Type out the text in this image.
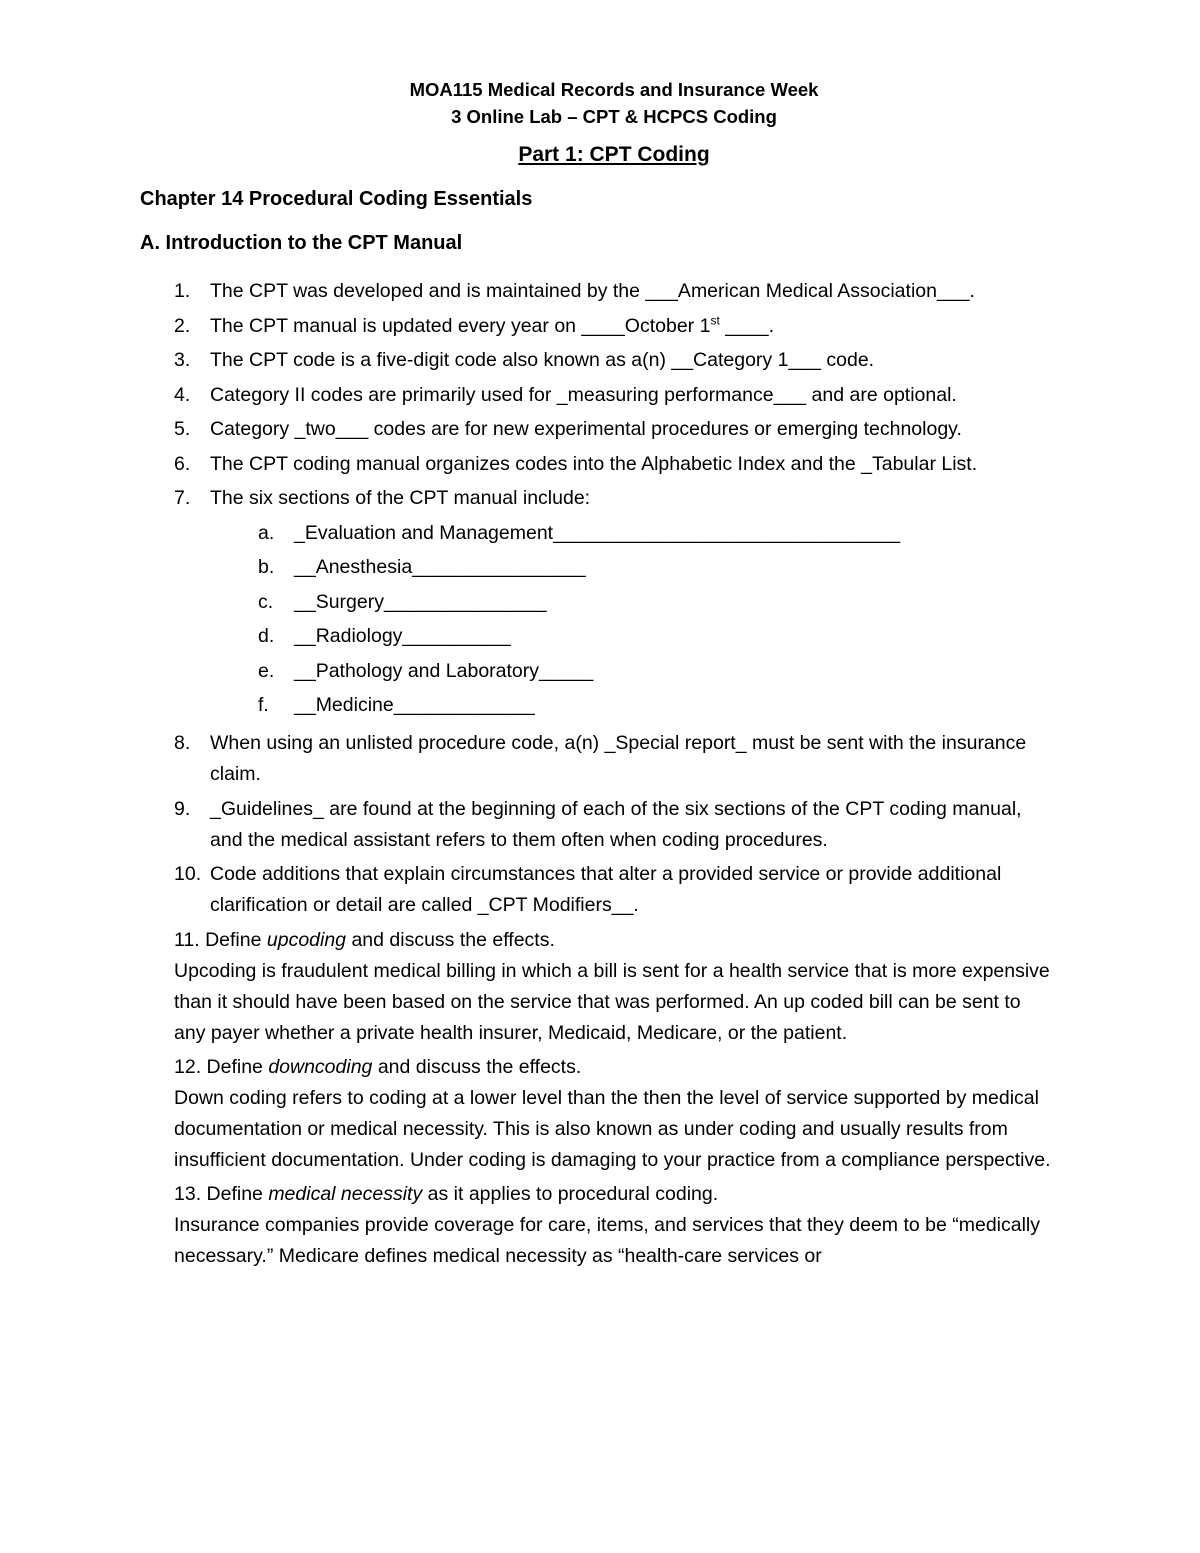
MOA115 Medical Records and Insurance Week
3 Online Lab – CPT & HCPCS Coding
Part 1: CPT Coding
Chapter 14 Procedural Coding Essentials
A. Introduction to the CPT Manual
1.	The CPT was developed and is maintained by the ___American Medical Association___.
2.	The CPT manual is updated every year on ____October 1st ____.
3.	The CPT code is a five-digit code also known as a(n) __Category 1___ code.
4.	Category II codes are primarily used for _measuring performance___ and are optional.
5.	Category _two___ codes are for new experimental procedures or emerging technology.
6.	The CPT coding manual organizes codes into the Alphabetic Index and the _Tabular List.
7.	The six sections of the CPT manual include:
a.	_Evaluation and Management________________________________
b.	__Anesthesia________________
c.	__Surgery_______________
d.	__Radiology__________
e.	__Pathology and Laboratory_____
f.	__Medicine_____________
8.	When using an unlisted procedure code, a(n) _Special report_ must be sent with the insurance claim.
9.	_Guidelines_ are found at the beginning of each of the six sections of the CPT coding manual, and the medical assistant refers to them often when coding procedures.
10. Code additions that explain circumstances that alter a provided service or provide additional clarification or detail are called _CPT Modifiers__.
11. Define upcoding and discuss the effects.
Upcoding is fraudulent medical billing in which a bill is sent for a health service that is more expensive than it should have been based on the service that was performed. An up coded bill can be sent to any payer whether a private health insurer, Medicaid, Medicare, or the patient.
12. Define downcoding and discuss the effects.
Down coding refers to coding at a lower level than the then the level of service supported by medical documentation or medical necessity. This is also known as under coding and usually results from insufficient documentation. Under coding is damaging to your practice from a compliance perspective.
13. Define medical necessity as it applies to procedural coding.
Insurance companies provide coverage for care, items, and services that they deem to be “medically necessary.” Medicare defines medical necessity as “health-care services or
